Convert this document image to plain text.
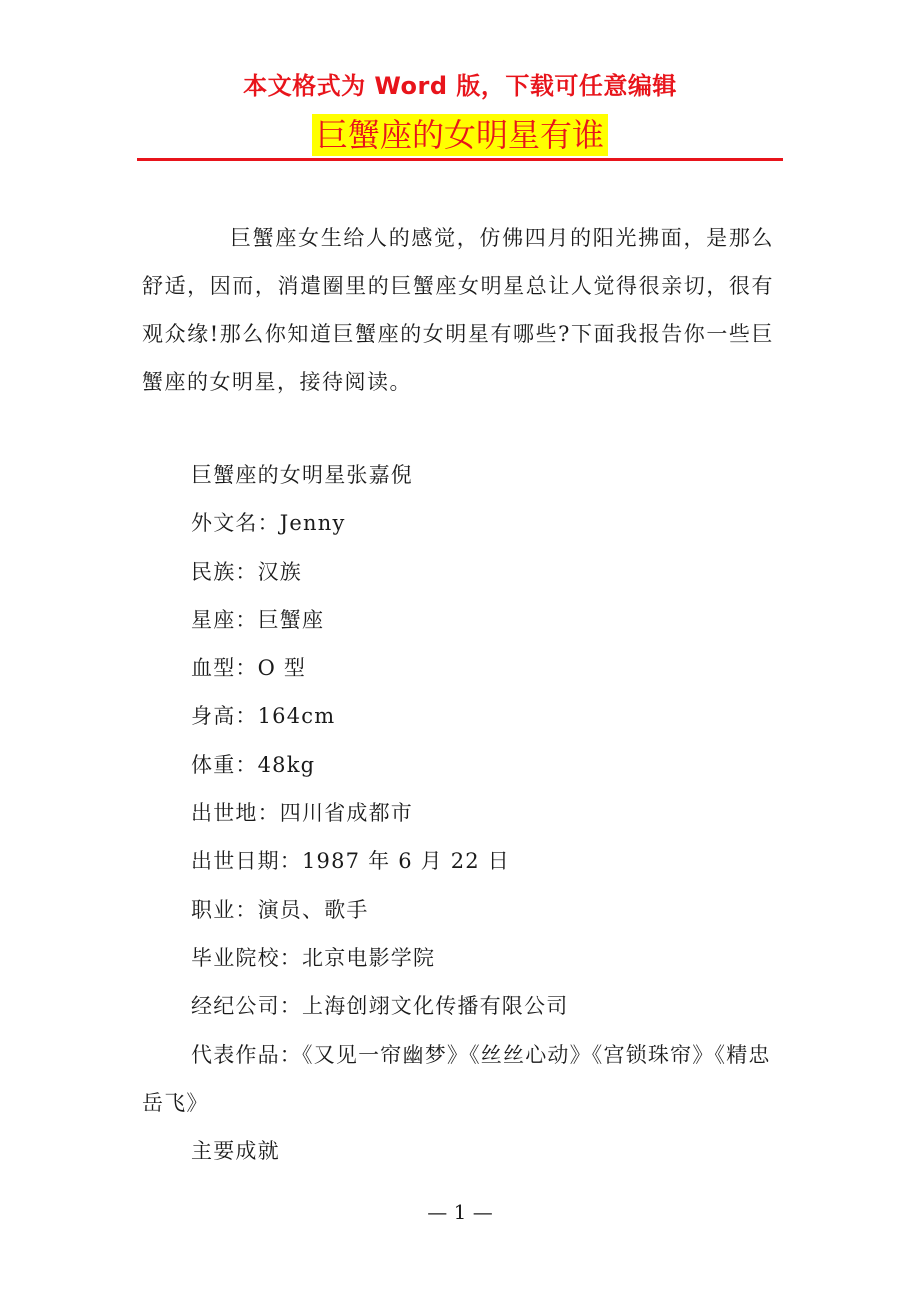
本文格式为 Word 版，下载可任意编辑
巨蟹座的女明星有谁

巨蟹座女生给人的感觉，仿佛四月的阳光拂面，是那么舒适，因而，消遣圈里的巨蟹座女明星总让人觉得很亲切，很有观众缘!那么你知道巨蟹座的女明星有哪些?下面我报告你一些巨蟹座的女明星，接待阅读。

巨蟹座的女明星张嘉倪
外文名：Jenny
民族：汉族
星座：巨蟹座
血型：O 型
身高：164cm
体重：48kg
出世地：四川省成都市
出世日期：1987 年 6 月 22 日
职业：演员、歌手
毕业院校：北京电影学院
经纪公司：上海创翊文化传播有限公司
代表作品：《又见一帘幽梦》《丝丝心动》《宫锁珠帘》《精忠岳飞》
主要成就
— 1 —
